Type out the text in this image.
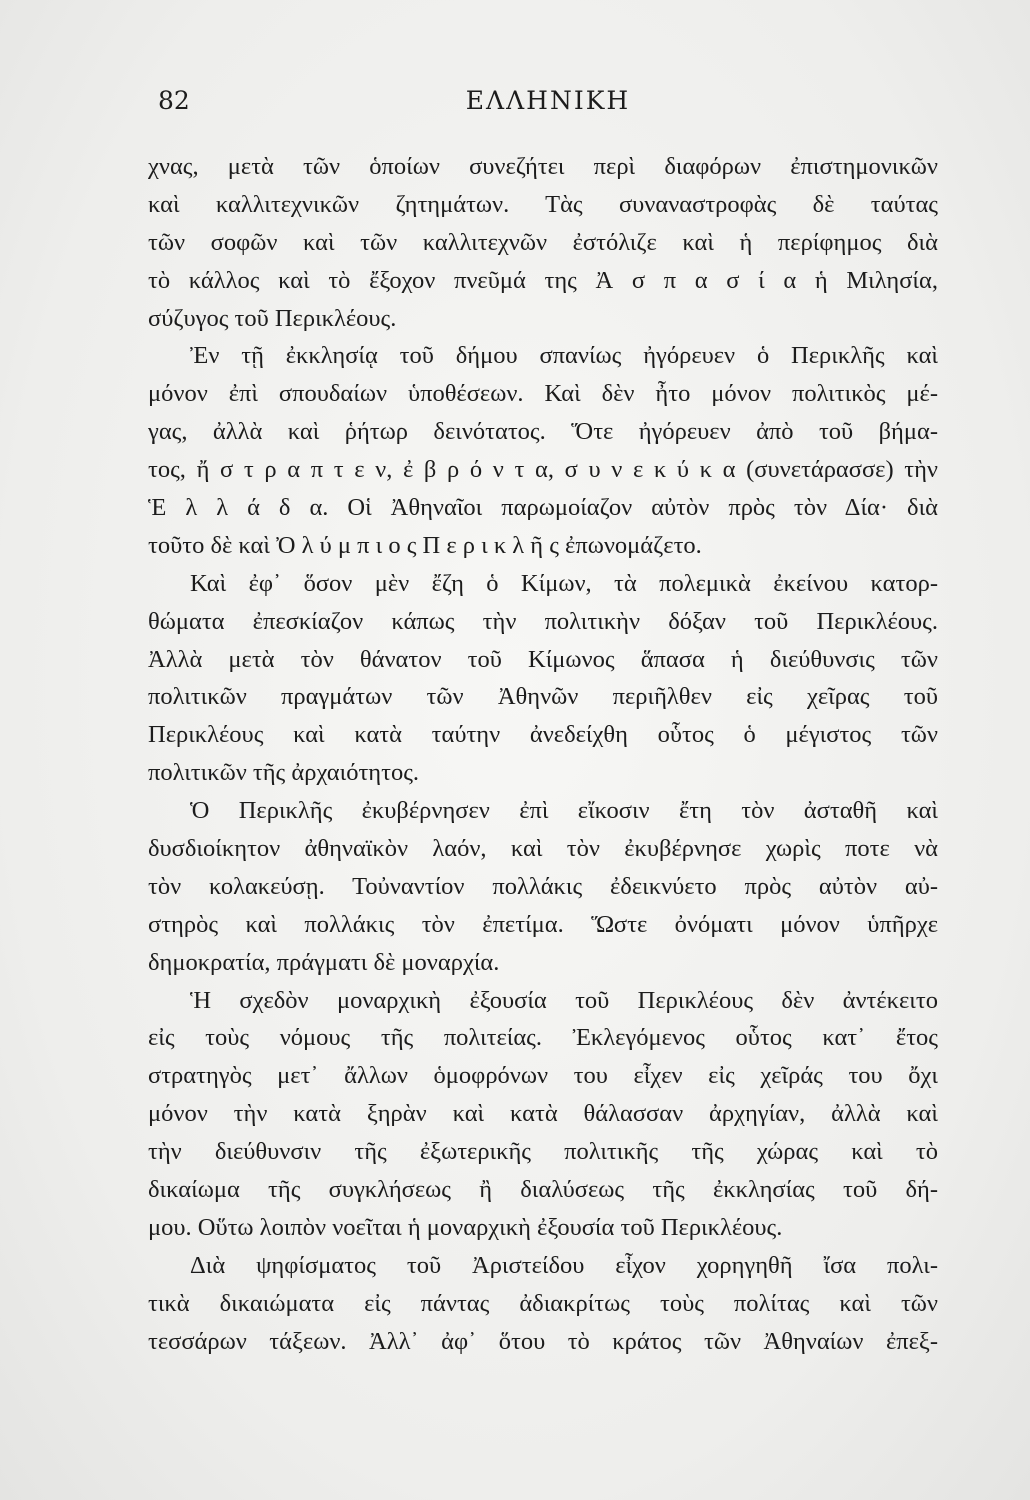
82	ΕΛΛΗΝΙΚΗ
χνας, μετὰ τῶν ὁποίων συνεζήτει περὶ διαφόρων ἐπιστημονικῶν
καὶ καλλιτεχνικῶν ζητημάτων. Τὰς συναναστροφὰς δὲ ταύτας
τῶν σοφῶν καὶ τῶν καλλιτεχνῶν ἐστόλιζε καὶ ἡ περίφημος διὰ
τὸ κάλλος καὶ τὸ ἔξοχον πνεῦμά της Ἀ σ π α σ ί α ἡ Μιλησία,
σύζυγος τοῦ Περικλέους.
Ἐν τῇ ἐκκλησίᾳ τοῦ δήμου σπανίως ἠγόρευεν ὁ Περικλῆς καὶ
μόνον ἐπὶ σπουδαίων ὑποθέσεων. Καὶ δὲν ἦτο μόνον πολιτικὸς μέ-
γας, ἀλλὰ καὶ ῥήτωρ δεινότατος. Ὅτε ἠγόρευεν ἀπὸ τοῦ βήμα-
τος, ἤ σ τ ρ α π τ ε ν, ἐ β ρ ό ν τ α, σ υ ν ε κ ύ κ α (συνετάρασσε) τὴν
Ἑ λ λ ά δ α. Οἱ Ἀθηναῖοι παρωμοίαζον αὐτὸν πρὸς τὸν Δία· διὰ
τοῦτο δὲ καὶ Ὀ λ ύ μ π ι ο ς Π ε ρ ι κ λ ῆ ς ἐπωνομάζετο.
Καὶ ἐφ᾽ ὅσον μὲν ἔζη ὁ Κίμων, τὰ πολεμικὰ ἐκείνου κατορ-
θώματα ἐπεσκίαζον κάπως τὴν πολιτικὴν δόξαν τοῦ Περικλέους.
Ἀλλὰ μετὰ τὸν θάνατον τοῦ Κίμωνος ἅπασα ἡ διεύθυνσις τῶν
πολιτικῶν πραγμάτων τῶν Ἀθηνῶν περιῆλθεν εἰς χεῖρας τοῦ
Περικλέους καὶ κατὰ ταύτην ἀνεδείχθη οὗτος ὁ μέγιστος τῶν
πολιτικῶν τῆς ἀρχαιότητος.
Ὁ Περικλῆς ἐκυβέρνησεν ἐπὶ εἴκοσιν ἔτη τὸν ἀσταθῆ καὶ
δυσδιοίκητον ἀθηναϊκὸν λαόν, καὶ τὸν ἐκυβέρνησε χωρὶς ποτε νὰ
τὸν κολακεύσῃ. Τοὐναντίον πολλάκις ἐδεικνύετο πρὸς αὐτὸν αὐ-
στηρὸς καὶ πολλάκις τὸν ἐπετίμα. Ὥστε ὀνόματι μόνον ὑπῆρχε
δημοκρατία, πράγματι δὲ μοναρχία.
Ἡ σχεδὸν μοναρχικὴ ἐξουσία τοῦ Περικλέους δὲν ἀντέκειτο
εἰς τοὺς νόμους τῆς πολιτείας. Ἐκλεγόμενος οὗτος κατ᾽ ἔτος
στρατηγὸς μετ᾽ ἄλλων ὁμοφρόνων του εἶχεν εἰς χεῖράς του ὄχι
μόνον τὴν κατὰ ξηρὰν καὶ κατὰ θάλασσαν ἀρχηγίαν, ἀλλὰ καὶ
τὴν διεύθυνσιν τῆς ἐξωτερικῆς πολιτικῆς τῆς χώρας καὶ τὸ
δικαίωμα τῆς συγκλήσεως ἢ διαλύσεως τῆς ἐκκλησίας τοῦ δή-
μου. Οὕτω λοιπὸν νοεῖται ἡ μοναρχικὴ ἐξουσία τοῦ Περικλέους.
Διὰ ψηφίσματος τοῦ Ἀριστείδου εἶχον χορηγηθῆ ἴσα πολι-
τικὰ δικαιώματα εἰς πάντας ἀδιακρίτως τοὺς πολίτας καὶ τῶν
τεσσάρων τάξεων. Ἀλλ᾽ ἀφ᾽ ὅτου τὸ κράτος τῶν Ἀθηναίων ἐπεξ-
